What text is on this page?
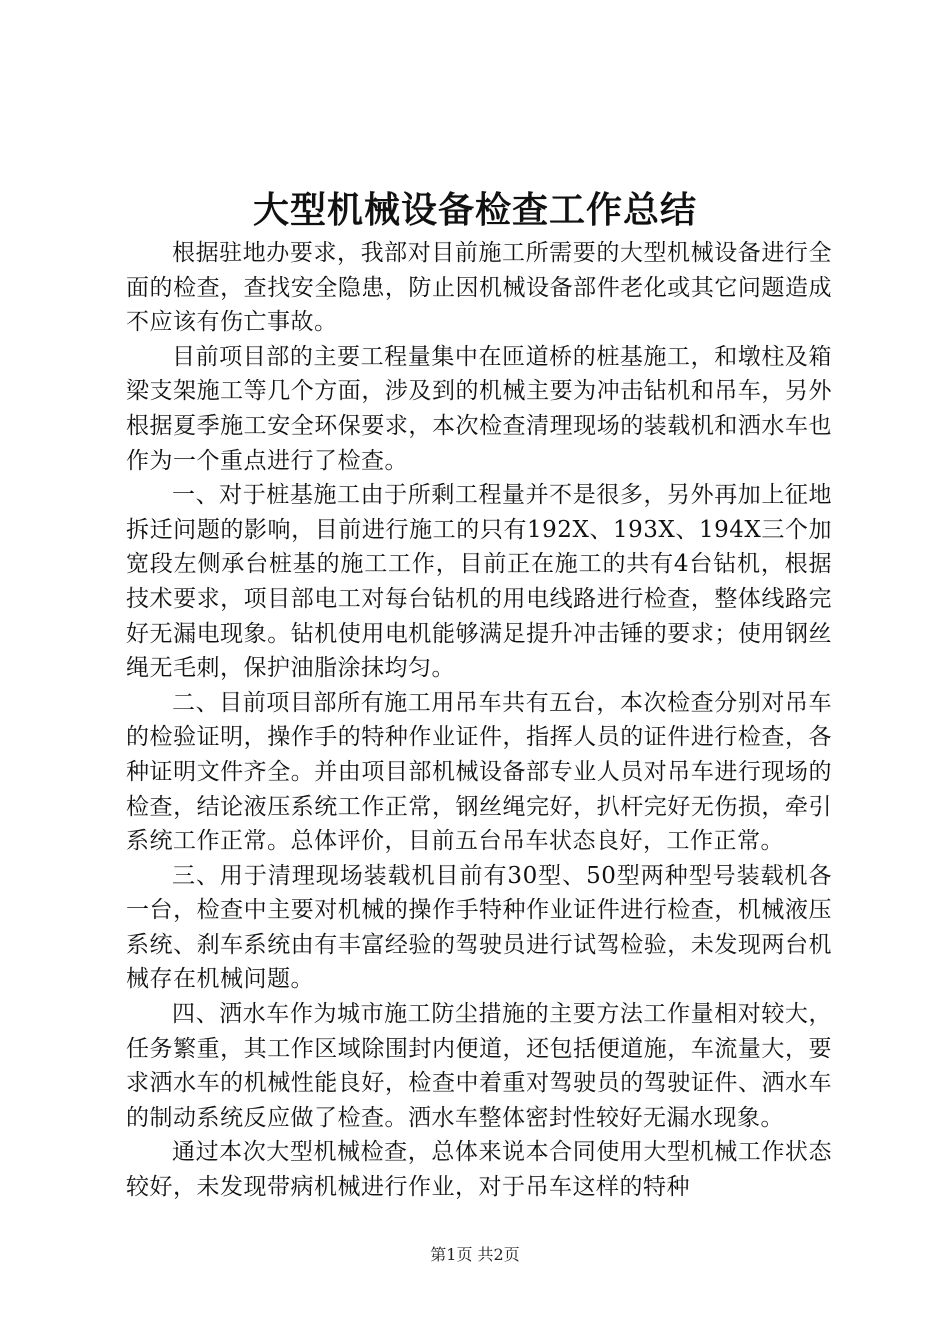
大型机械设备检查工作总结

根据驻地办要求，我部对目前施工所需要的大型机械设备进行全面的检查，查找安全隐患，防止因机械设备部件老化或其它问题造成不应该有伤亡事故。

目前项目部的主要工程量集中在匝道桥的桩基施工，和墩柱及箱梁支架施工等几个方面，涉及到的机械主要为冲击钻机和吊车，另外根据夏季施工安全环保要求，本次检查清理现场的装载机和洒水车也作为一个重点进行了检查。

一、对于桩基施工由于所剩工程量并不是很多，另外再加上征地拆迁问题的影响，目前进行施工的只有192X、193X、194X三个加宽段左侧承台桩基的施工工作，目前正在施工的共有4台钻机，根据技术要求，项目部电工对每台钻机的用电线路进行检查，整体线路完好无漏电现象。钻机使用电机能够满足提升冲击锤的要求；使用钢丝绳无毛刺，保护油脂涂抹均匀。

二、目前项目部所有施工用吊车共有五台，本次检查分别对吊车的检验证明，操作手的特种作业证件，指挥人员的证件进行检查，各种证明文件齐全。并由项目部机械设备部专业人员对吊车进行现场的检查，结论液压系统工作正常，钢丝绳完好，扒杆完好无伤损，牵引系统工作正常。总体评价，目前五台吊车状态良好，工作正常。

三、用于清理现场装载机目前有30型、50型两种型号装载机各一台，检查中主要对机械的操作手特种作业证件进行检查，机械液压系统、刹车系统由有丰富经验的驾驶员进行试驾检验，未发现两台机械存在机械问题。

四、洒水车作为城市施工防尘措施的主要方法工作量相对较大，任务繁重，其工作区域除围封内便道，还包括便道施，车流量大，要求洒水车的机械性能良好，检查中着重对驾驶员的驾驶证件、洒水车的制动系统反应做了检查。洒水车整体密封性较好无漏水现象。

通过本次大型机械检查，总体来说本合同使用大型机械工作状态较好，未发现带病机械进行作业，对于吊车这样的特种

第1页 共2页
